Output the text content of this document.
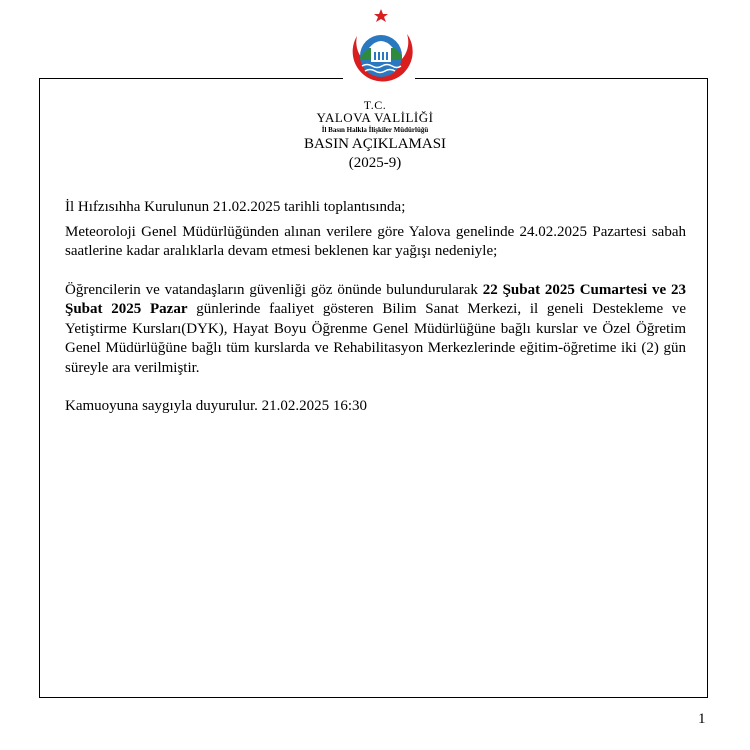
T.C.
YALOVA VALİLİĞİ
İl Basın Halkla İlişkiler Müdürlüğü
BASIN AÇIKLAMASI
(2025-9)

İl Hıfzısıhha Kurulunun 21.02.2025 tarihli toplantısında;

Meteoroloji Genel Müdürlüğünden alınan verilere göre Yalova genelinde 24.02.2025 Pazartesi sabah saatlerine kadar aralıklarla devam etmesi beklenen kar yağışı nedeniyle;

Öğrencilerin ve vatandaşların güvenliği göz önünde bulundurularak 22 Şubat 2025 Cumartesi ve 23 Şubat 2025 Pazar günlerinde faaliyet gösteren Bilim Sanat Merkezi, il geneli Destekleme ve Yetiştirme Kursları(DYK), Hayat Boyu Öğrenme Genel Müdürlüğüne bağlı kurslar ve Özel Öğretim Genel Müdürlüğüne bağlı tüm kurslarda ve Rehabilitasyon Merkezlerinde eğitim-öğretime iki (2) gün süreyle ara verilmiştir.

Kamuoyuna saygıyla duyurulur. 21.02.2025 16:30

1
